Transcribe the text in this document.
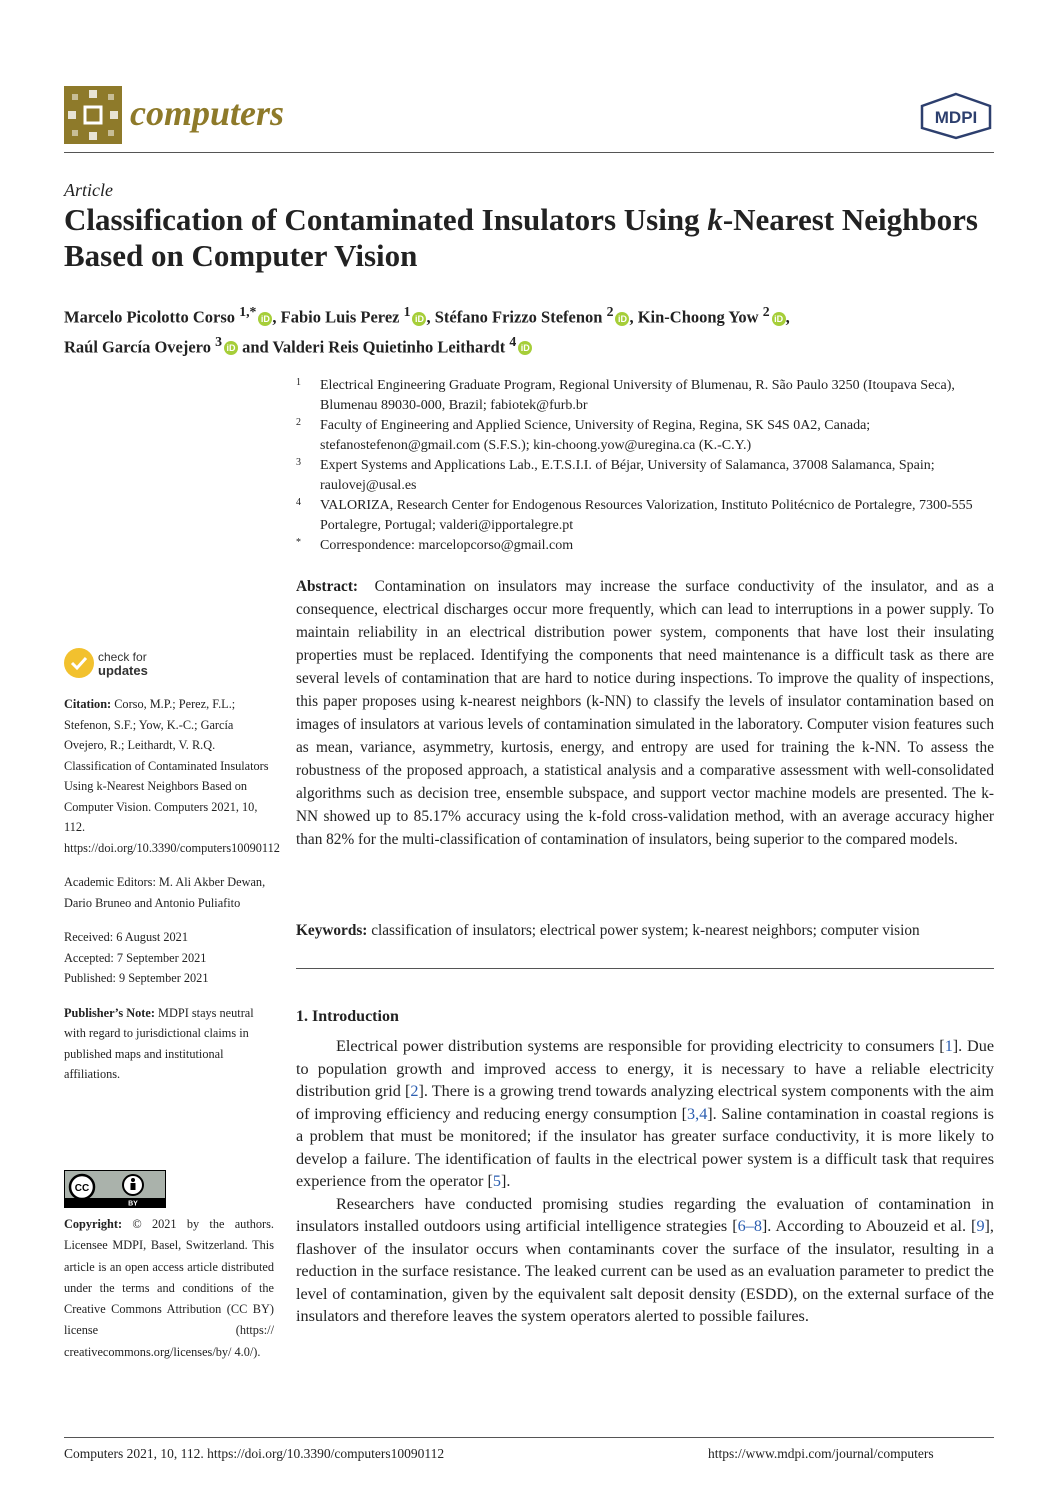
computers	MDPI
Article
Classification of Contaminated Insulators Using k-Nearest Neighbors Based on Computer Vision
Marcelo Picolotto Corso $^{1,*}$ iD , Fabio Luis Perez $^1$ iD , Stéfano Frizzo Stefenon $^2$ iD , Kin-Choong Yow $^2$ iD ,
Raúl García Ovejero $^3$ iD and Valderi Reis Quietinho Leithardt $^4$ iD
1 Electrical Engineering Graduate Program, Regional University of Blumenau, R. São Paulo 3250 (Itoupava Seca), Blumenau 89030-000, Brazil; fabiotek@furb.br
2 Faculty of Engineering and Applied Science, University of Regina, Regina, SK S4S 0A2, Canada; stefanostefenon@gmail.com (S.F.S.); kin-choong.yow@uregina.ca (K.-C.Y.)
3 Expert Systems and Applications Lab., E.T.S.I.I. of Béjar, University of Salamanca, 37008 Salamanca, Spain; raulovej@usal.es
4 VALORIZA, Research Center for Endogenous Resources Valorization, Instituto Politécnico de Portalegre, 7300-555 Portalegre, Portugal; valderi@ipportalegre.pt
* Correspondence: marcelopcorso@gmail.com
Abstract: Contamination on insulators may increase the surface conductivity of the insulator, and as a consequence, electrical discharges occur more frequently, which can lead to interruptions in a power supply. To maintain reliability in an electrical distribution power system, components that have lost their insulating properties must be replaced. Identifying the components that need maintenance is a difficult task as there are several levels of contamination that are hard to notice during inspections. To improve the quality of inspections, this paper proposes using k-nearest neighbors (k-NN) to classify the levels of insulator contamination based on images of insulators at various levels of contamination simulated in the laboratory. Computer vision features such as mean, variance, asymmetry, kurtosis, energy, and entropy are used for training the k-NN. To assess the robustness of the proposed approach, a statistical analysis and a comparative assessment with well-consolidated algorithms such as decision tree, ensemble subspace, and support vector machine models are presented. The k-NN showed up to 85.17% accuracy using the k-fold cross-validation method, with an average accuracy higher than 82% for the multi-classification of contamination of insulators, being superior to the compared models.
Keywords: classification of insulators; electrical power system; k-nearest neighbors; computer vision
check for
updates

Citation: Corso, M.P.; Perez, F.L.; Stefenon, S.F.; Yow, K.-C.; García Ovejero, R.; Leithardt, V. R.Q. Classification of Contaminated Insulators Using k-Nearest Neighbors Based on Computer Vision. Computers 2021, 10, 112. https://doi.org/10.3390/computers10090112

Academic Editors: M. Ali Akber Dewan, Dario Bruneo and Antonio Puliafito

Received: 6 August 2021

Accepted: 7 September 2021

Published: 9 September 2021

Publisher’s Note: MDPI stays neutral with regard to jurisdictional claims in published maps and institutional affiliations.

CC
BY
Copyright: © 2021 by the authors. Licensee MDPI, Basel, Switzerland. This article is an open access article distributed under the terms and conditions of the Creative Commons Attribution (CC BY) license (https:// creativecommons.org/licenses/by/ 4.0/).
1. Introduction

Electrical power distribution systems are responsible for providing electricity to consumers [1]. Due to population growth and improved access to energy, it is necessary to have a reliable electricity distribution grid [2]. There is a growing trend towards analyzing electrical system components with the aim of improving efficiency and reducing energy consumption [3,4]. Saline contamination in coastal regions is a problem that must be monitored; if the insulator has greater surface conductivity, it is more likely to develop a failure. The identification of faults in the electrical power system is a difficult task that requires experience from the operator [5].

Researchers have conducted promising studies regarding the evaluation of contamination in insulators installed outdoors using artificial intelligence strategies [6–8]. According to Abouzeid et al. [9], flashover of the insulator occurs when contaminants cover the surface of the insulator, resulting in a reduction in the surface resistance. The leaked current can be used as an evaluation parameter to predict the level of contamination, given by the equivalent salt deposit density (ESDD), on the external surface of the insulators and therefore leaves the system operators alerted to possible failures.

Computers 2021, 10, 112. https://doi.org/10.3390/computers10090112	https://www.mdpi.com/journal/computers
